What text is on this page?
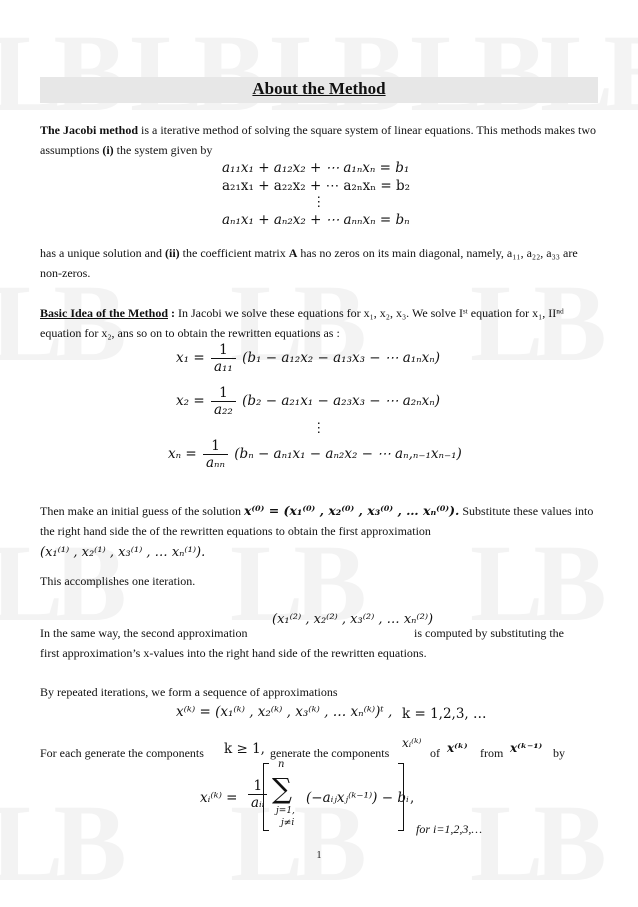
About the Method
The Jacobi method is a iterative method of solving the square system of linear equations. This methods makes two assumptions (i) the system given by
a₁₁x₁ + a₁₂x₂ + ⋯ a₁ₙxₙ = b₁
a₂₁x₁ + a₂₂x₂ + ⋯ a₂ₙxₙ = b₂
⋮
aₙ₁x₁ + aₙ₂x₂ + ⋯ aₙₙxₙ = bₙ
has a unique solution and (ii) the coefficient matrix A has no zeros on its main diagonal, namely, a₁₁, a₂₂, a₃₃ are non-zeros.
Basic Idea of the Method : In Jacobi we solve these equations for x₁, x₂, x₃. We solve Iˢᵗ equation for x₁, IIⁿᵈ equation for x₂, ans so on to obtain the rewritten equations as :
$x_1 = \frac{1}{\text{a₁₁}} (b_1 - a_{12}x_2 - a_{13}x_3$ − ⋯ a₁ₙxₙ)
$x_2 = \frac{1}{\text{a₂₂}} (b_2 - a_{21}x_1 - a_{23}x_3$ − ⋯ a₂ₙxₙ)
⋮
$x_n = \frac{1}{\text{aₙₙ}} (b_n - a_{n1}x_1 - a_{n2}x_2$ − ⋯ aₙ,ₙ₋₁xₙ₋₁)
Then make an initial guess of the solution x⁽⁰⁾ = (x₁⁽⁰⁾ , x₂⁽⁰⁾ , x₃⁽⁰⁾ , … xₙ⁽⁰⁾). Substitute these values into
the right hand side the of the rewritten equations to obtain the first approximation
(x₁⁽¹⁾ , x₂⁽¹⁾ , x₃⁽¹⁾ , … xₙ⁽¹⁾).
This accomplishes one iteration.
In the same way, the second approximation
(x₁⁽²⁾ , x₂⁽²⁾ , x₃⁽²⁾ , … xₙ⁽²⁾)
is computed by substituting the
first approximation’s x-values into the right hand side of the rewritten equations.
By repeated iterations, we form a sequence of approximations
x⁽ᵏ⁾ = (x₁⁽ᵏ⁾ , x₂⁽ᵏ⁾ , x₃⁽ᵏ⁾ , … xₙ⁽ᵏ⁾)ᵗ , k = 1,2,3, …
For each generate the components	k ≥ 1, generate the components
xᵢ⁽ᵏ⁾
of x⁽ᵏ⁾ from x⁽ᵏ⁻¹⁾ by
xᵢ⁽ᵏ⁾ = $\frac{1}{\text{aᵢᵢ}}$
n
∑
j=1,
j≠i
(−aᵢⱼxⱼ⁽ᵏ⁻¹⁾) − bᵢ ,
for i=1,2,3,…
1
